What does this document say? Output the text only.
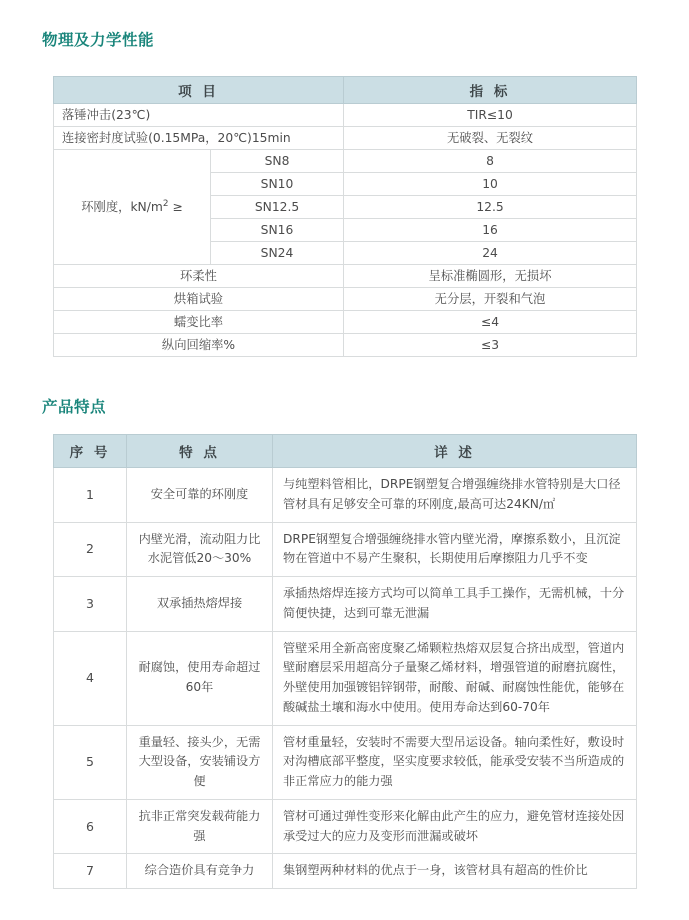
物理及力学性能
项 目		指 标
落锤冲击(23℃)		TIR≤10
连接密封度试验(0.15MPa，20℃)15min		无破裂、无裂纹
环刚度，$kN/m^2$ ≥	SN8	8
	SN10	10
	SN12.5	12.5
	SN16	16
	SN24	24
环柔性		呈标准椭圆形，无损坏
烘箱试验		无分层，开裂和气泡
蠕变比率		≤4
纵向回缩率%		≤3
产品特点
序 号	特 点	详 述
1	安全可靠的环刚度	与纯塑料管相比，DRPE钢塑复合增强缠绕排水管特别是大口径管材具有足够安全可靠的环刚度,最高可达24KN/㎡
2	内壁光滑，流动阻力比水泥管低20～30%	DRPE钢塑复合增强缠绕排水管内壁光滑，摩擦系数小，且沉淀物在管道中不易产生聚积，长期使用后摩擦阻力几乎不变
3	双承插热熔焊接	承插热熔焊连接方式均可以简单工具手工操作，无需机械，十分简便快捷，达到可靠无泄漏
4	耐腐蚀，使用寿命超过60年	管壁采用全新高密度聚乙烯颗粒热熔双层复合挤出成型，管道内壁耐磨层采用超高分子量聚乙烯材料，增强管道的耐磨抗腐性，外壁使用加强镀铝锌钢带，耐酸、耐碱、耐腐蚀性能优，能够在酸碱盐土壤和海水中使用。使用寿命达到60-70年
5	重量轻、接头少，无需大型设备，安装铺设方便	管材重量轻，安装时不需要大型吊运设备。轴向柔性好，敷设时对沟槽底部平整度，坚实度要求较低，能承受安装不当所造成的非正常应力的能力强
6	抗非正常突发载荷能力强	管材可通过弹性变形来化解由此产生的应力，避免管材连接处因承受过大的应力及变形而泄漏或破坏
7	综合造价具有竞争力	集钢塑两种材料的优点于一身，该管材具有超高的性价比
